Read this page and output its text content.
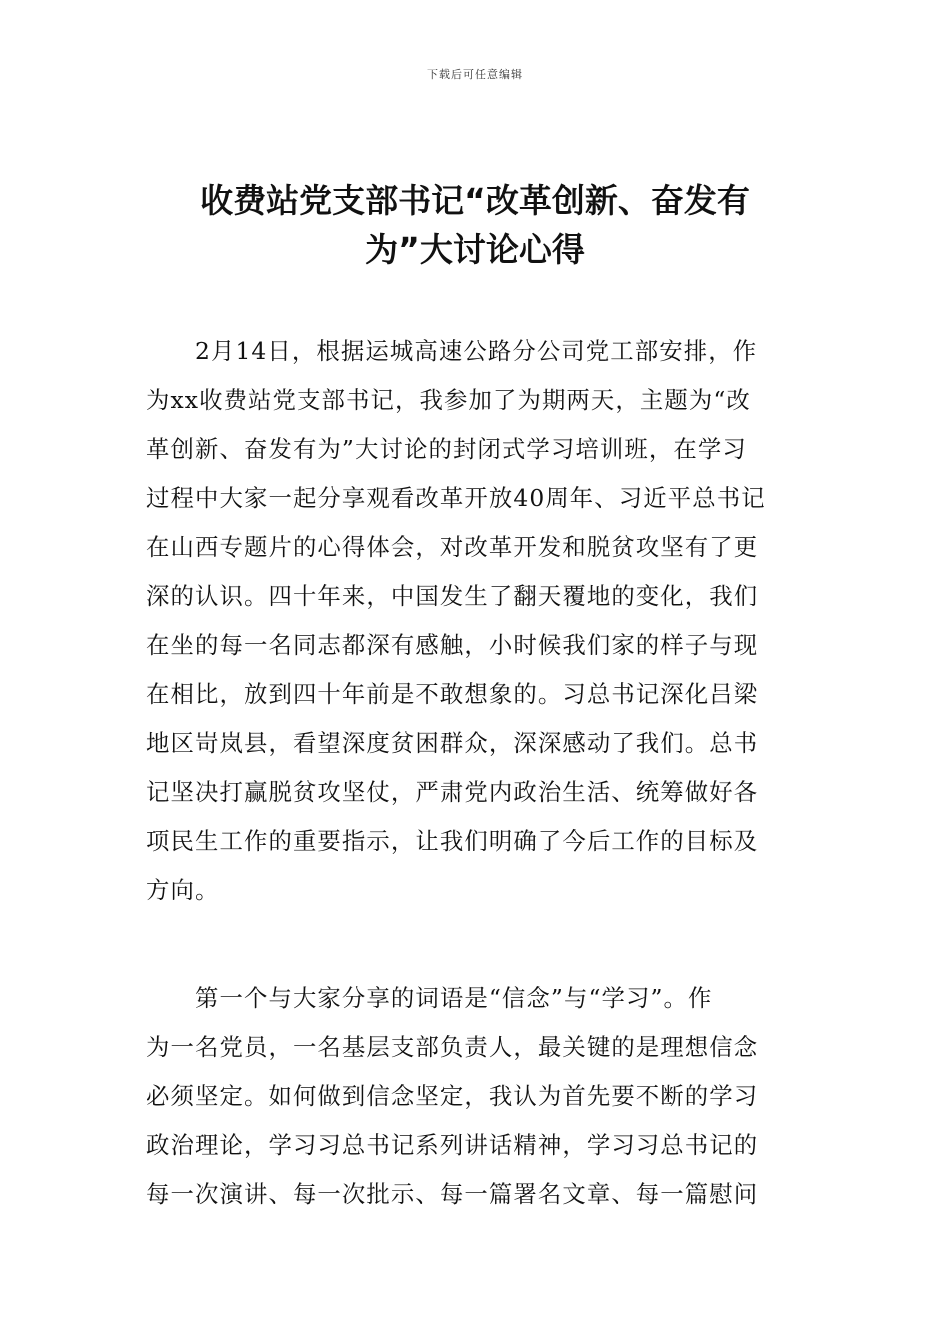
下载后可任意编辑
收费站党支部书记“改革创新、奋发有
为”大讨论心得

　　2月14日，根据运城高速公路分公司党工部安排，作
为xx收费站党支部书记，我参加了为期两天，主题为“改
革创新、奋发有为”大讨论的封闭式学习培训班，在学习
过程中大家一起分享观看改革开放40周年、习近平总书记
在山西专题片的心得体会，对改革开发和脱贫攻坚有了更
深的认识。四十年来，中国发生了翻天覆地的变化，我们
在坐的每一名同志都深有感触，小时候我们家的样子与现
在相比，放到四十年前是不敢想象的。习总书记深化吕梁
地区岢岚县，看望深度贫困群众，深深感动了我们。总书
记坚决打赢脱贫攻坚仗，严肃党内政治生活、统筹做好各
项民生工作的重要指示，让我们明确了今后工作的目标及
方向。

　　第一个与大家分享的词语是“信念”与“学习”。作
为一名党员，一名基层支部负责人，最关键的是理想信念
必须坚定。如何做到信念坚定，我认为首先要不断的学习
政治理论，学习习总书记系列讲话精神，学习习总书记的
每一次演讲、每一次批示、每一篇署名文章、每一篇慰问
